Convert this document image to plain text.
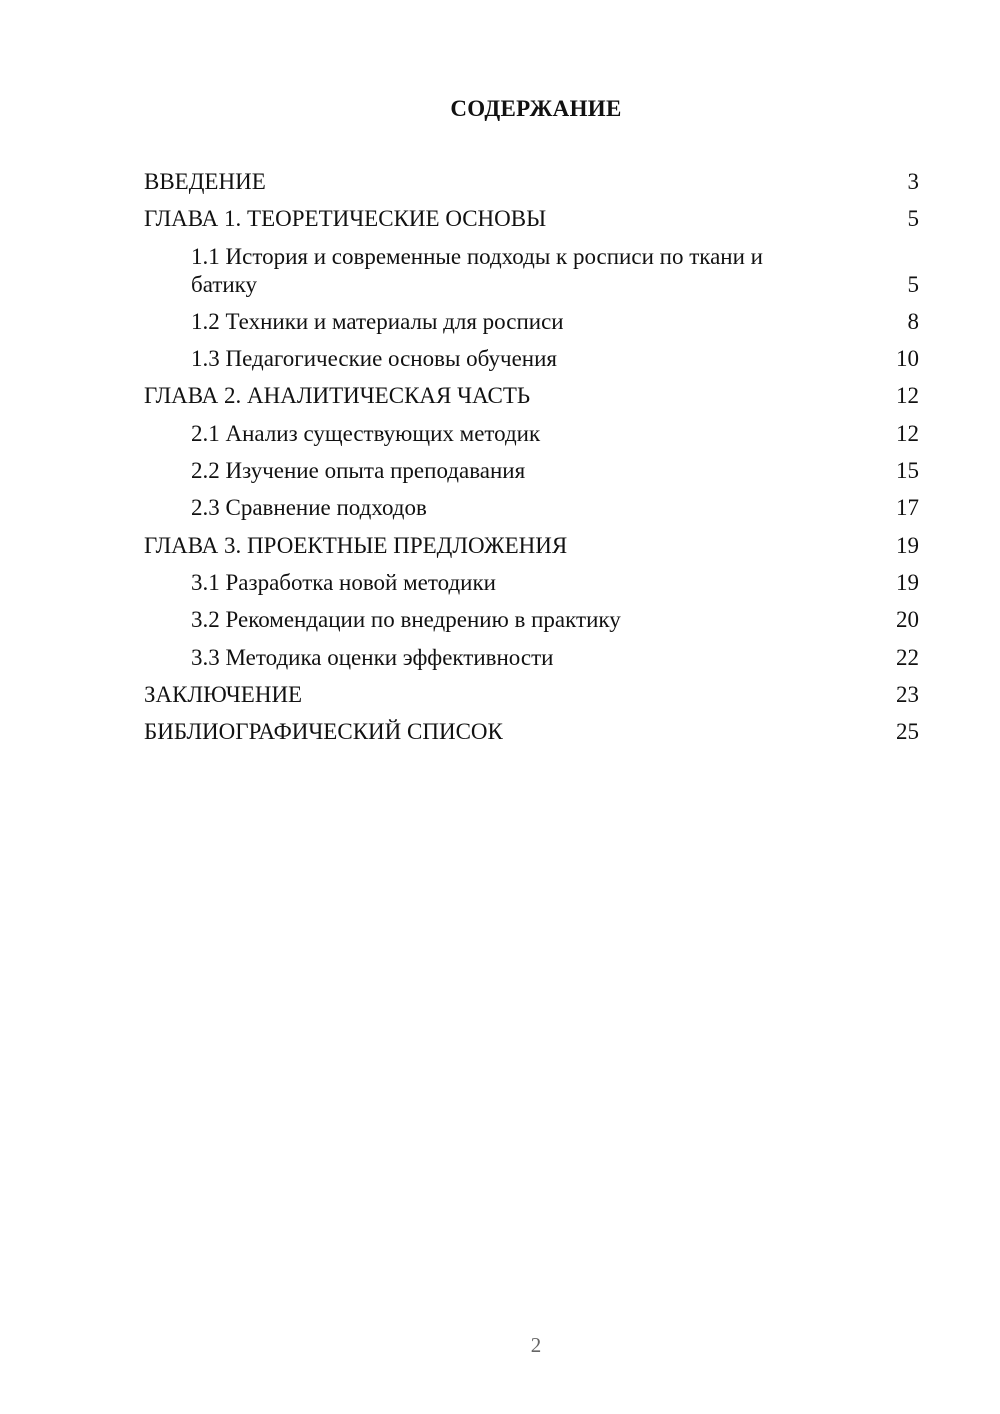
СОДЕРЖАНИЕ
ВВЕДЕНИЕ	3
ГЛАВА 1. ТЕОРЕТИЧЕСКИЕ ОСНОВЫ	5
1.1 История и современные подходы к росписи по ткани и батику	5
1.2 Техники и материалы для росписи	8
1.3 Педагогические основы обучения	10
ГЛАВА 2. АНАЛИТИЧЕСКАЯ ЧАСТЬ	12
2.1 Анализ существующих методик	12
2.2 Изучение опыта преподавания	15
2.3 Сравнение подходов	17
ГЛАВА 3. ПРОЕКТНЫЕ ПРЕДЛОЖЕНИЯ	19
3.1 Разработка новой методики	19
3.2 Рекомендации по внедрению в практику	20
3.3 Методика оценки эффективности	22
ЗАКЛЮЧЕНИЕ	23
БИБЛИОГРАФИЧЕСКИЙ СПИСОК	25
2
